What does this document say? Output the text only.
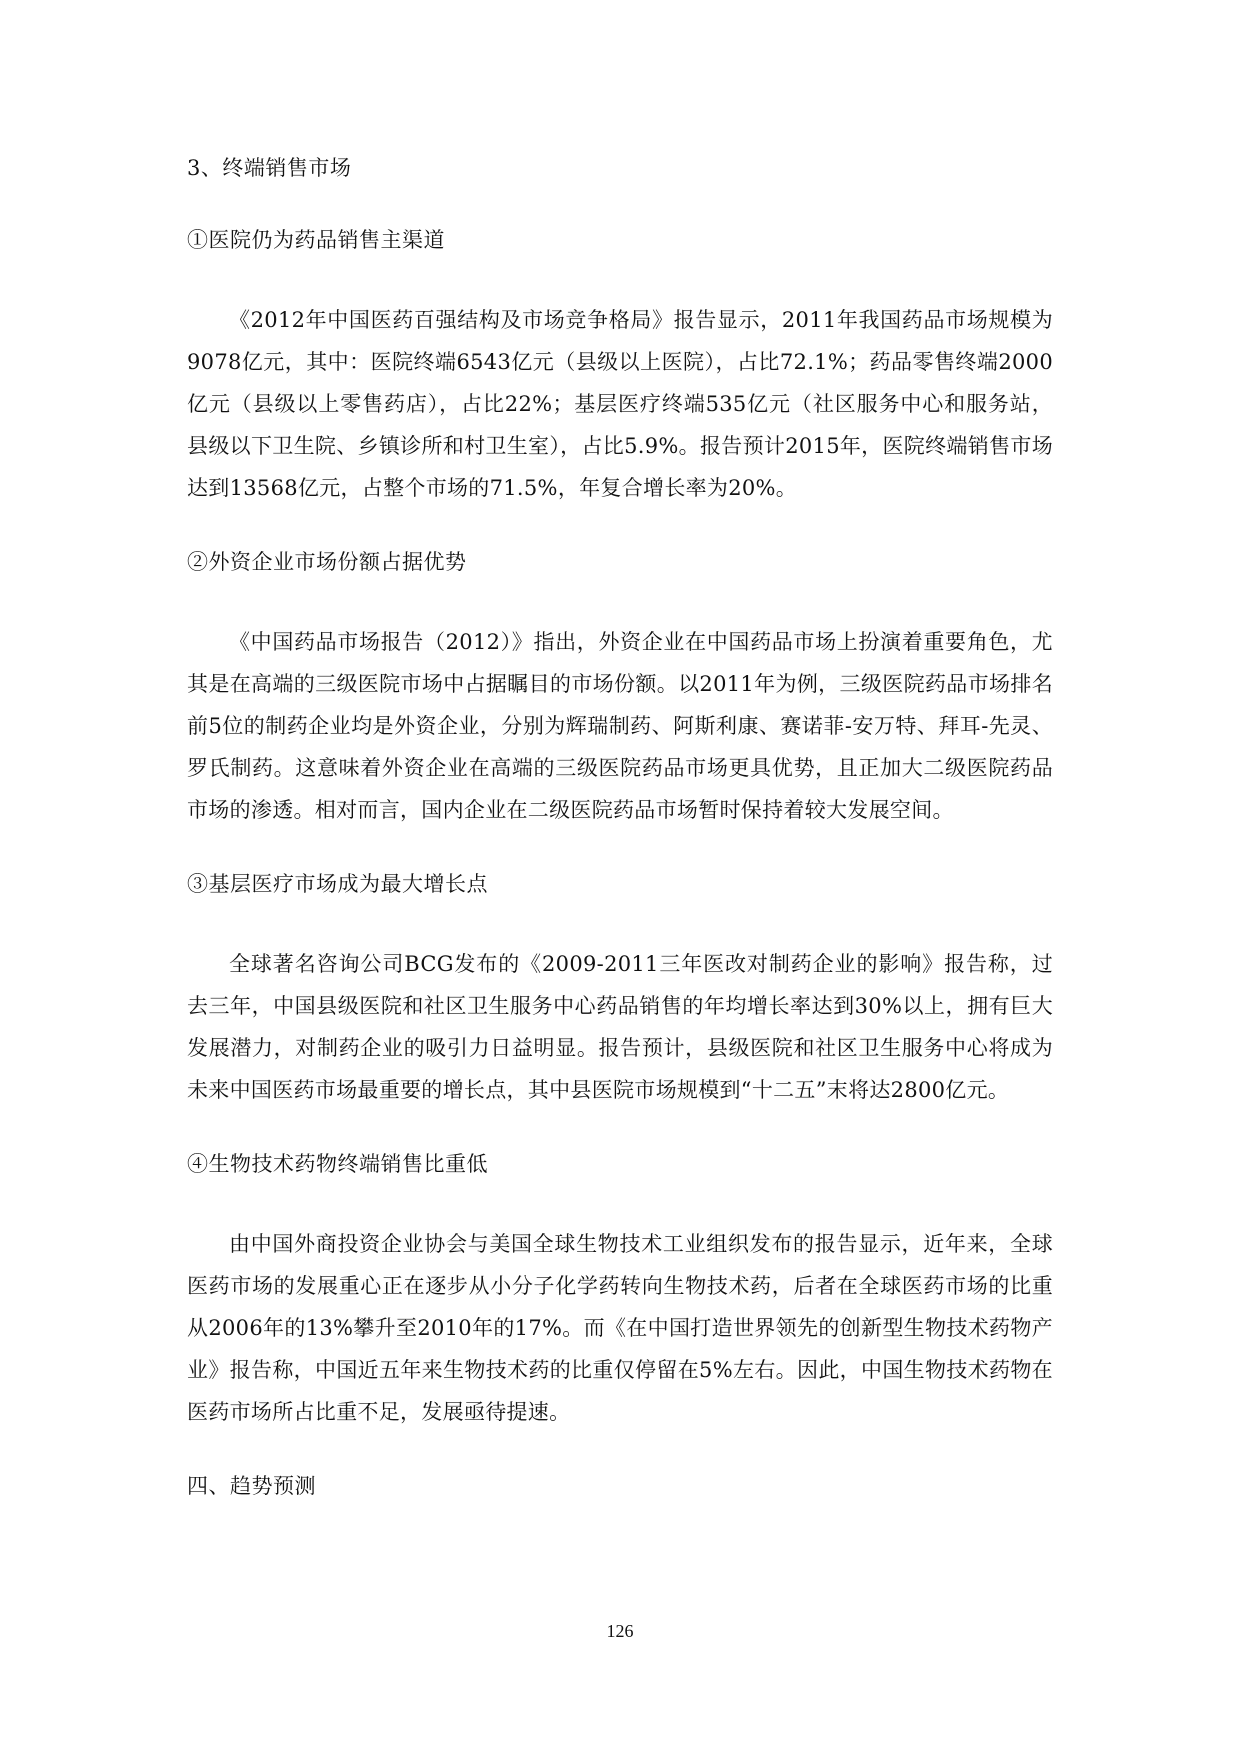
3、终端销售市场

①医院仍为药品销售主渠道

《2012年中国医药百强结构及市场竞争格局》报告显示，2011年我国药品市场规模为9078亿元，其中：医院终端6543亿元（县级以上医院），占比72.1%；药品零售终端2000亿元（县级以上零售药店），占比22%；基层医疗终端535亿元（社区服务中心和服务站，县级以下卫生院、乡镇诊所和村卫生室），占比5.9%。报告预计2015年，医院终端销售市场达到13568亿元，占整个市场的71.5%，年复合增长率为20%。

②外资企业市场份额占据优势

《中国药品市场报告（2012）》指出，外资企业在中国药品市场上扮演着重要角色，尤其是在高端的三级医院市场中占据瞩目的市场份额。以2011年为例，三级医院药品市场排名前5位的制药企业均是外资企业，分别为辉瑞制药、阿斯利康、赛诺菲-安万特、拜耳-先灵、罗氏制药。这意味着外资企业在高端的三级医院药品市场更具优势，且正加大二级医院药品市场的渗透。相对而言，国内企业在二级医院药品市场暂时保持着较大发展空间。

③基层医疗市场成为最大增长点

全球著名咨询公司BCG发布的《2009-2011三年医改对制药企业的影响》报告称，过去三年，中国县级医院和社区卫生服务中心药品销售的年均增长率达到30%以上，拥有巨大发展潜力，对制药企业的吸引力日益明显。报告预计，县级医院和社区卫生服务中心将成为未来中国医药市场最重要的增长点，其中县医院市场规模到“十二五”末将达2800亿元。

④生物技术药物终端销售比重低

由中国外商投资企业协会与美国全球生物技术工业组织发布的报告显示，近年来，全球医药市场的发展重心正在逐步从小分子化学药转向生物技术药，后者在全球医药市场的比重从2006年的13%攀升至2010年的17%。而《在中国打造世界领先的创新型生物技术药物产业》报告称，中国近五年来生物技术药的比重仅停留在5%左右。因此，中国生物技术药物在医药市场所占比重不足，发展亟待提速。

四、趋势预测

126
